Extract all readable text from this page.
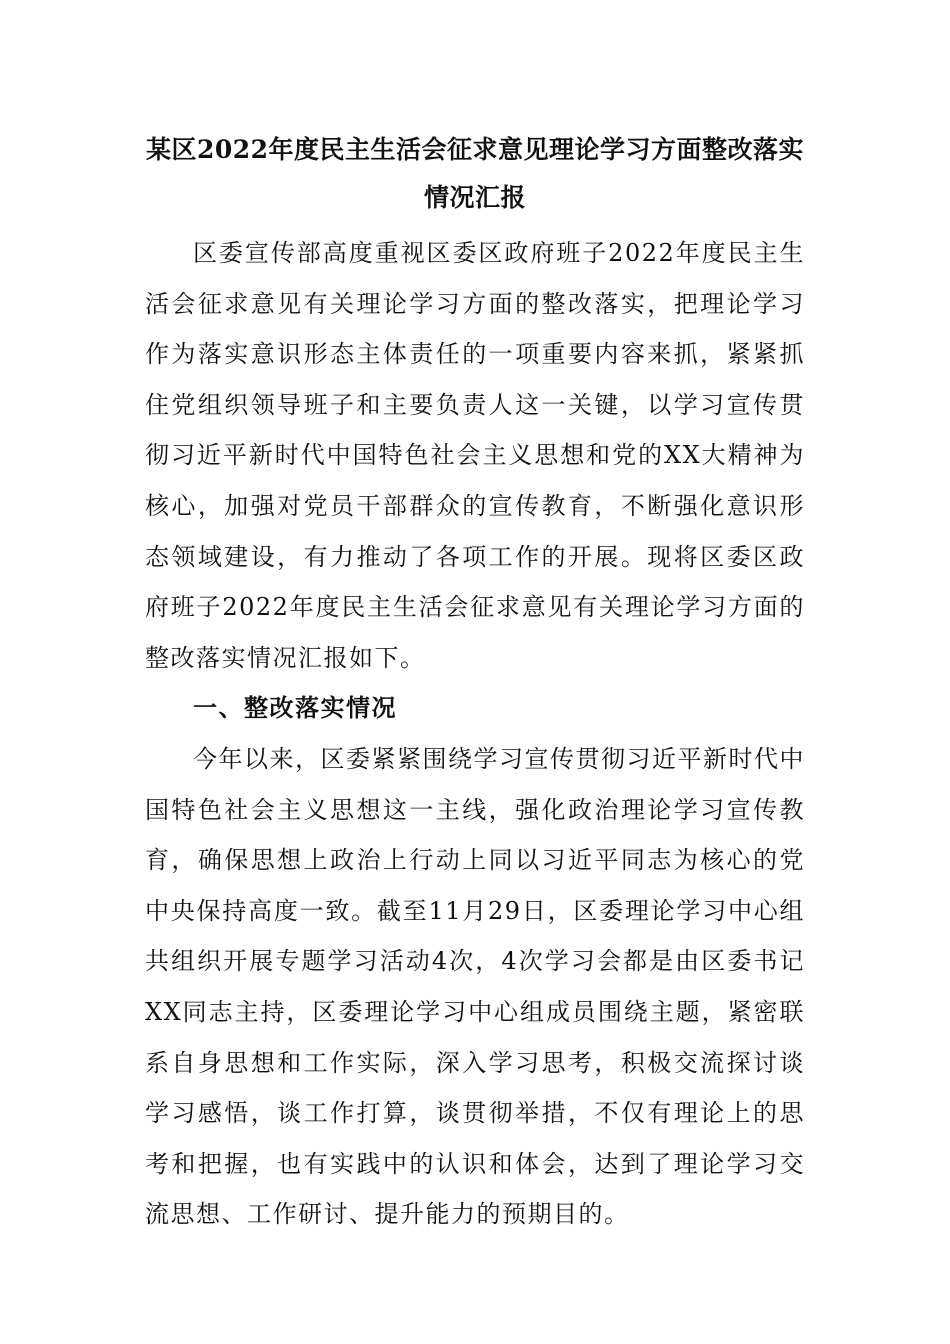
某区2022年度民主生活会征求意见理论学习方面整改落实
情况汇报

区委宣传部高度重视区委区政府班子2022年度民主生活会征求意见有关理论学习方面的整改落实，把理论学习作为落实意识形态主体责任的一项重要内容来抓，紧紧抓住党组织领导班子和主要负责人这一关键，以学习宣传贯彻习近平新时代中国特色社会主义思想和党的XX大精神为核心，加强对党员干部群众的宣传教育，不断强化意识形态领域建设，有力推动了各项工作的开展。现将区委区政府班子2022年度民主生活会征求意见有关理论学习方面的整改落实情况汇报如下。

一、整改落实情况

今年以来，区委紧紧围绕学习宣传贯彻习近平新时代中国特色社会主义思想这一主线，强化政治理论学习宣传教育，确保思想上政治上行动上同以习近平同志为核心的党中央保持高度一致。截至11月29日，区委理论学习中心组共组织开展专题学习活动4次，4次学习会都是由区委书记XX同志主持，区委理论学习中心组成员围绕主题，紧密联系自身思想和工作实际，深入学习思考，积极交流探讨谈学习感悟，谈工作打算，谈贯彻举措，不仅有理论上的思考和把握，也有实践中的认识和体会，达到了理论学习交流思想、工作研讨、提升能力的预期目的。
